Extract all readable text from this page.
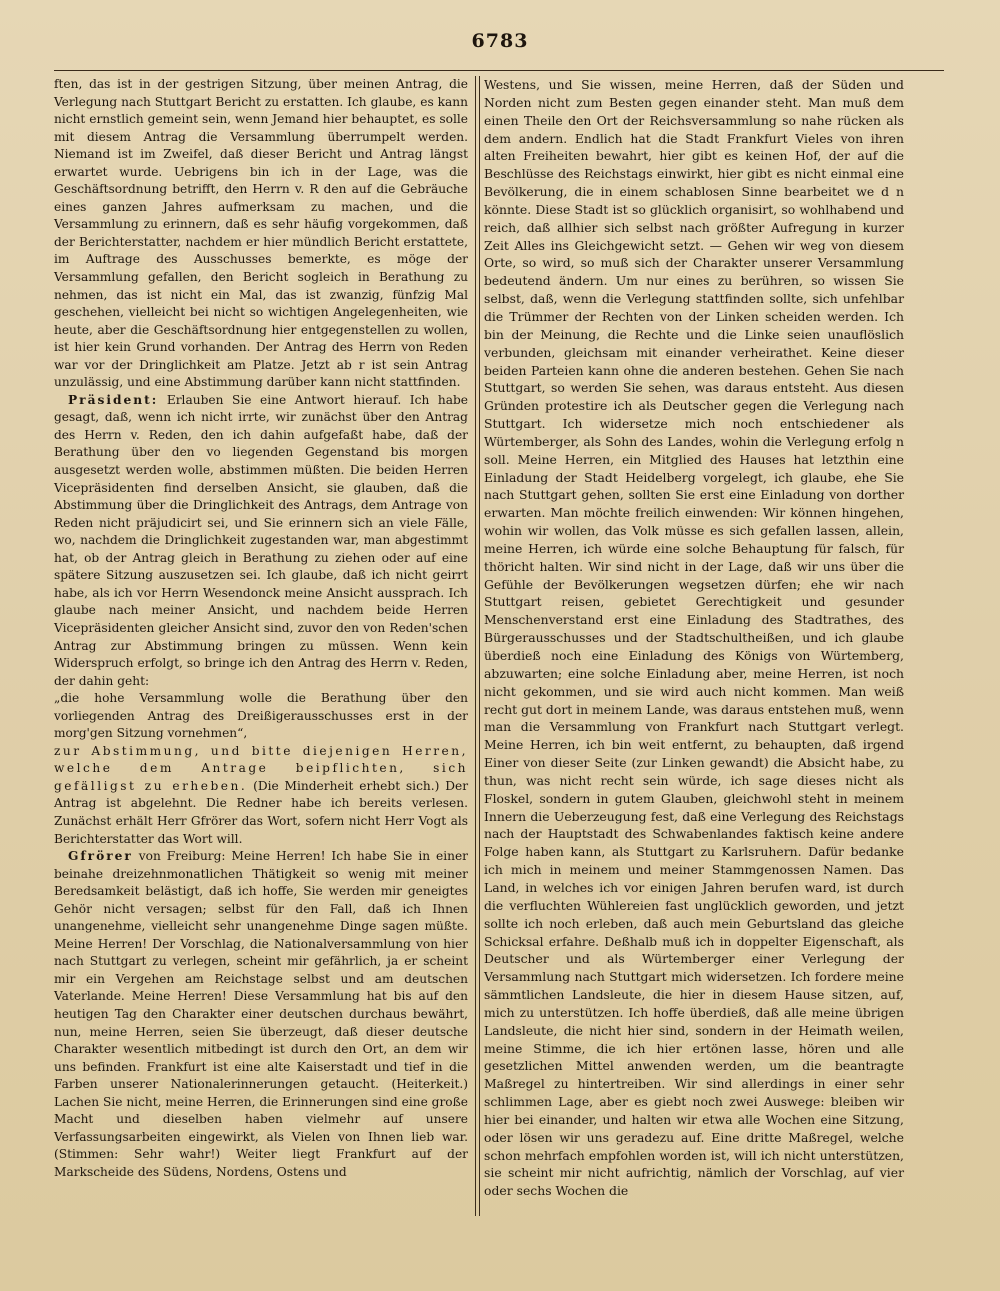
6783

ften, das ist in der gestrigen Sitzung, über meinen Antrag, die Verlegung nach Stuttgart Bericht zu erstatten. Ich glaube, es kann nicht ernstlich gemeint sein, wenn Jemand hier behauptet, es solle mit diesem Antrag die Versammlung überrumpelt werden. Niemand ist im Zweifel, daß dieser Bericht und Antrag längst erwartet wurde. Uebrigens bin ich in der Lage, was die Geschäftsordnung betrifft, den Herrn v. R den auf die Gebräuche eines ganzen Jahres aufmerksam zu machen, und die Versammlung zu erinnern, daß es sehr häufig vorgekommen, daß der Berichterstatter, nachdem er hier mündlich Bericht erstattete, im Auftrage des Ausschusses bemerkte, es möge der Versammlung gefallen, den Bericht sogleich in Berathung zu nehmen, das ist nicht ein Mal, das ist zwanzig, fünfzig Mal geschehen, vielleicht bei nicht so wichtigen Angelegenheiten, wie heute, aber die Geschäftsordnung hier entgegenstellen zu wollen, ist hier kein Grund vorhanden. Der Antrag des Herrn von Reden war vor der Dringlichkeit am Platze. Jetzt ab r ist sein Antrag unzulässig, und eine Abstimmung darüber kann nicht stattfinden.

Präsident: Erlauben Sie eine Antwort hierauf. Ich habe gesagt, daß, wenn ich nicht irrte, wir zunächst über den Antrag des Herrn v. Reden, den ich dahin aufgefaßt habe, daß der Berathung über den vo liegenden Gegenstand bis morgen ausgesetzt werden wolle, abstimmen müßten. Die beiden Herren Vicepräsidenten find derselben Ansicht, sie glauben, daß die Abstimmung über die Dringlichkeit des Antrags, dem Antrage von Reden nicht präjudicirt sei, und Sie erinnern sich an viele Fälle, wo, nachdem die Dringlichkeit zugestanden war, man abgestimmt hat, ob der Antrag gleich in Berathung zu ziehen oder auf eine spätere Sitzung auszusetzen sei. Ich glaube, daß ich nicht geirrt habe, als ich vor Herrn Wesendonck meine Ansicht aussprach. Ich glaube nach meiner Ansicht, und nachdem beide Herren Vicepräsidenten gleicher Ansicht sind, zuvor den von Reden'schen Antrag zur Abstimmung bringen zu müssen. Wenn kein Widerspruch erfolgt, so bringe ich den Antrag des Herrn v. Reden, der dahin geht:

„die hohe Versammlung wolle die Berathung über den vorliegenden Antrag des Dreißigerausschusses erst in der morg'gen Sitzung vornehmen“,

zur Abstimmung, und bitte diejenigen Herren, welche dem Antrage beipflichten, sich gefälligst zu erheben. (Die Minderheit erhebt sich.) Der Antrag ist abgelehnt. Die Redner habe ich bereits verlesen. Zunächst erhält Herr Gfrörer das Wort, sofern nicht Herr Vogt als Berichterstatter das Wort will.

Gfrörer von Freiburg: Meine Herren! Ich habe Sie in einer beinahe dreizehnmonatlichen Thätigkeit so wenig mit meiner Beredsamkeit belästigt, daß ich hoffe, Sie werden mir geneigtes Gehör nicht versagen; selbst für den Fall, daß ich Ihnen unangenehme, vielleicht sehr unangenehme Dinge sagen müßte. Meine Herren! Der Vorschlag, die Nationalversammlung von hier nach Stuttgart zu verlegen, scheint mir gefährlich, ja er scheint mir ein Vergehen am Reichstage selbst und am deutschen Vaterlande. Meine Herren! Diese Versammlung hat bis auf den heutigen Tag den Charakter einer deutschen durchaus bewährt, nun, meine Herren, seien Sie überzeugt, daß dieser deutsche Charakter wesentlich mitbedingt ist durch den Ort, an dem wir uns befinden. Frankfurt ist eine alte Kaiserstadt und tief in die Farben unserer Nationalerinnerungen getaucht. (Heiterkeit.) Lachen Sie nicht, meine Herren, die Erinnerungen sind eine große Macht und dieselben haben vielmehr auf unsere Verfassungsarbeiten eingewirkt, als Vielen von Ihnen lieb war. (Stimmen: Sehr wahr!) Weiter liegt Frankfurt auf der Markscheide des Südens, Nordens, Ostens und

Westens, und Sie wissen, meine Herren, daß der Süden und Norden nicht zum Besten gegen einander steht. Man muß dem einen Theile den Ort der Reichsversammlung so nahe rücken als dem andern. Endlich hat die Stadt Frankfurt Vieles von ihren alten Freiheiten bewahrt, hier gibt es keinen Hof, der auf die Beschlüsse des Reichstags einwirkt, hier gibt es nicht einmal eine Bevölkerung, die in einem schablosen Sinne bearbeitet we d n könnte. Diese Stadt ist so glücklich organisirt, so wohlhabend und reich, daß allhier sich selbst nach größter Aufregung in kurzer Zeit Alles ins Gleichgewicht setzt. — Gehen wir weg von diesem Orte, so wird, so muß sich der Charakter unserer Versammlung bedeutend ändern. Um nur eines zu berühren, so wissen Sie selbst, daß, wenn die Verlegung stattfinden sollte, sich unfehlbar die Trümmer der Rechten von der Linken scheiden werden. Ich bin der Meinung, die Rechte und die Linke seien unauflöslich verbunden, gleichsam mit einander verheirathet. Keine dieser beiden Parteien kann ohne die anderen bestehen. Gehen Sie nach Stuttgart, so werden Sie sehen, was daraus entsteht. Aus diesen Gründen protestire ich als Deutscher gegen die Verlegung nach Stuttgart. Ich widersetze mich noch entschiedener als Würtemberger, als Sohn des Landes, wohin die Verlegung erfolg n soll. Meine Herren, ein Mitglied des Hauses hat letzthin eine Einladung der Stadt Heidelberg vorgelegt, ich glaube, ehe Sie nach Stuttgart gehen, sollten Sie erst eine Einladung von dorther erwarten. Man möchte freilich einwenden: Wir können hingehen, wohin wir wollen, das Volk müsse es sich gefallen lassen, allein, meine Herren, ich würde eine solche Behauptung für falsch, für thöricht halten. Wir sind nicht in der Lage, daß wir uns über die Gefühle der Bevölkerungen wegsetzen dürfen; ehe wir nach Stuttgart reisen, gebietet Gerechtigkeit und gesunder Menschenverstand erst eine Einladung des Stadtrathes, des Bürgerausschusses und der Stadtschultheißen, und ich glaube überdieß noch eine Einladung des Königs von Würtemberg, abzuwarten; eine solche Einladung aber, meine Herren, ist noch nicht gekommen, und sie wird auch nicht kommen. Man weiß recht gut dort in meinem Lande, was daraus entstehen muß, wenn man die Versammlung von Frankfurt nach Stuttgart verlegt. Meine Herren, ich bin weit entfernt, zu behaupten, daß irgend Einer von dieser Seite (zur Linken gewandt) die Absicht habe, zu thun, was nicht recht sein würde, ich sage dieses nicht als Floskel, sondern in gutem Glauben, gleichwohl steht in meinem Innern die Ueberzeugung fest, daß eine Verlegung des Reichstags nach der Hauptstadt des Schwabenlandes faktisch keine andere Folge haben kann, als Stuttgart zu Karlsruhern. Dafür bedanke ich mich in meinem und meiner Stammgenossen Namen. Das Land, in welches ich vor einigen Jahren berufen ward, ist durch die verfluchten Wühlereien fast unglücklich geworden, und jetzt sollte ich noch erleben, daß auch mein Geburtsland das gleiche Schicksal erfahre. Deßhalb muß ich in doppelter Eigenschaft, als Deutscher und als Würtemberger einer Verlegung der Versammlung nach Stuttgart mich widersetzen. Ich fordere meine sämmtlichen Landsleute, die hier in diesem Hause sitzen, auf, mich zu unterstützen. Ich hoffe überdieß, daß alle meine übrigen Landsleute, die nicht hier sind, sondern in der Heimath weilen, meine Stimme, die ich hier ertönen lasse, hören und alle gesetzlichen Mittel anwenden werden, um die beantragte Maßregel zu hintertreiben. Wir sind allerdings in einer sehr schlimmen Lage, aber es giebt noch zwei Auswege: bleiben wir hier bei einander, und halten wir etwa alle Wochen eine Sitzung, oder lösen wir uns geradezu auf. Eine dritte Maßregel, welche schon mehrfach empfohlen worden ist, will ich nicht unterstützen, sie scheint mir nicht aufrichtig, nämlich der Vorschlag, auf vier oder sechs Wochen die
